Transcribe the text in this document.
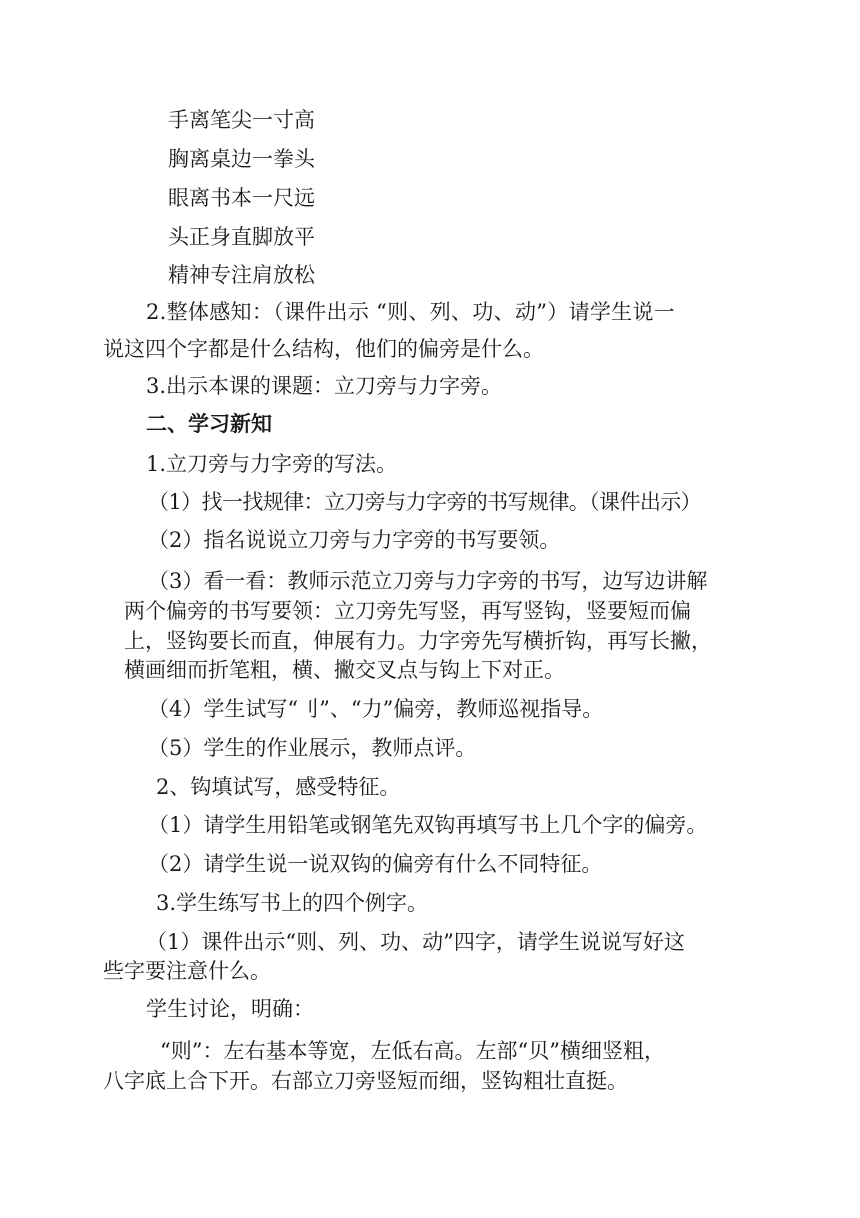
手离笔尖一寸高
胸离桌边一拳头
眼离书本一尺远
头正身直脚放平
精神专注肩放松
2.整体感知：（课件出示 “则、列、功、动”）请学生说一
说这四个字都是什么结构，他们的偏旁是什么。
3.出示本课的课题：立刀旁与力字旁。
二、学习新知
1.立刀旁与力字旁的写法。
（1）找一找规律：立刀旁与力字旁的书写规律。（课件出示）
（2）指名说说立刀旁与力字旁的书写要领。
（3）看一看：教师示范立刀旁与力字旁的书写，边写边讲解
两个偏旁的书写要领：立刀旁先写竖，再写竖钩，竖要短而偏
上，竖钩要长而直，伸展有力。力字旁先写横折钩，再写长撇，
横画细而折笔粗，横、撇交叉点与钩上下对正。
（4）学生试写“刂”、“力”偏旁，教师巡视指导。
（5）学生的作业展示，教师点评。
2、钩填试写，感受特征。
（1）请学生用铅笔或钢笔先双钩再填写书上几个字的偏旁。
（2）请学生说一说双钩的偏旁有什么不同特征。
3.学生练写书上的四个例字。
（1）课件出示“则、列、功、动”四字，请学生说说写好这
些字要注意什么。
学生讨论，明确：
“则”：左右基本等宽，左低右高。左部“贝”横细竖粗，
八字底上合下开。右部立刀旁竖短而细，竖钩粗壮直挺。
